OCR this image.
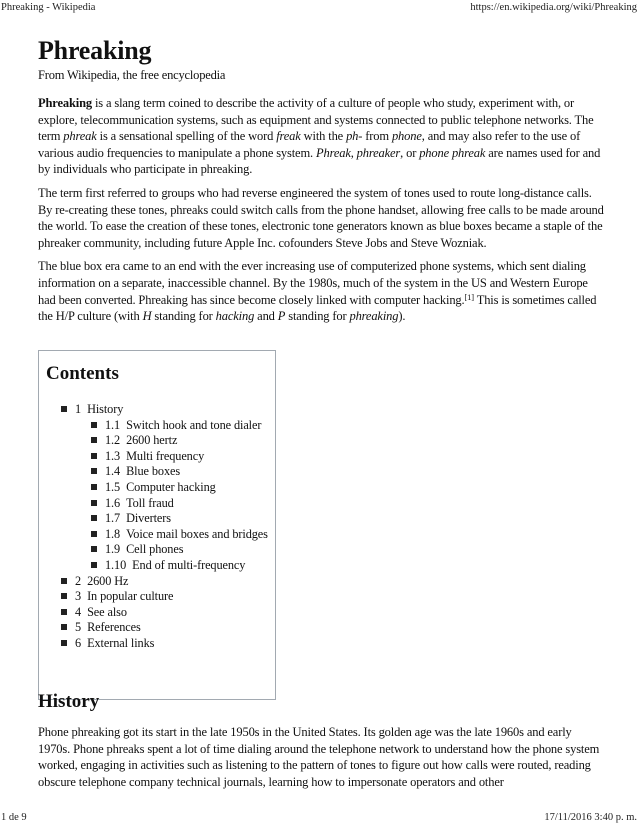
Phreaking - Wikipedia	https://en.wikipedia.org/wiki/Phreaking
Phreaking
From Wikipedia, the free encyclopedia

Phreaking is a slang term coined to describe the activity of a culture of people who study, experiment with, or explore, telecommunication systems, such as equipment and systems connected to public telephone networks. The term phreak is a sensational spelling of the word freak with the ph- from phone, and may also refer to the use of various audio frequencies to manipulate a phone system. Phreak, phreaker, or phone phreak are names used for and by individuals who participate in phreaking.

The term first referred to groups who had reverse engineered the system of tones used to route long-distance calls. By re-creating these tones, phreaks could switch calls from the phone handset, allowing free calls to be made around the world. To ease the creation of these tones, electronic tone generators known as blue boxes became a staple of the phreaker community, including future Apple Inc. cofounders Steve Jobs and Steve Wozniak.

The blue box era came to an end with the ever increasing use of computerized phone systems, which sent dialing information on a separate, inaccessible channel. By the 1980s, much of the system in the US and Western Europe had been converted. Phreaking has since become closely linked with computer hacking.[1] This is sometimes called the H/P culture (with H standing for hacking and P standing for phreaking).

Contents
1 History
1.1 Switch hook and tone dialer
1.2 2600 hertz
1.3 Multi frequency
1.4 Blue boxes
1.5 Computer hacking
1.6 Toll fraud
1.7 Diverters
1.8 Voice mail boxes and bridges
1.9 Cell phones
1.10 End of multi-frequency
2 2600 Hz
3 In popular culture
4 See also
5 References
6 External links
History

Phone phreaking got its start in the late 1950s in the United States. Its golden age was the late 1960s and early 1970s. Phone phreaks spent a lot of time dialing around the telephone network to understand how the phone system worked, engaging in activities such as listening to the pattern of tones to figure out how calls were routed, reading obscure telephone company technical journals, learning how to impersonate operators and other

1 de 9	17/11/2016 3:40 p. m.
